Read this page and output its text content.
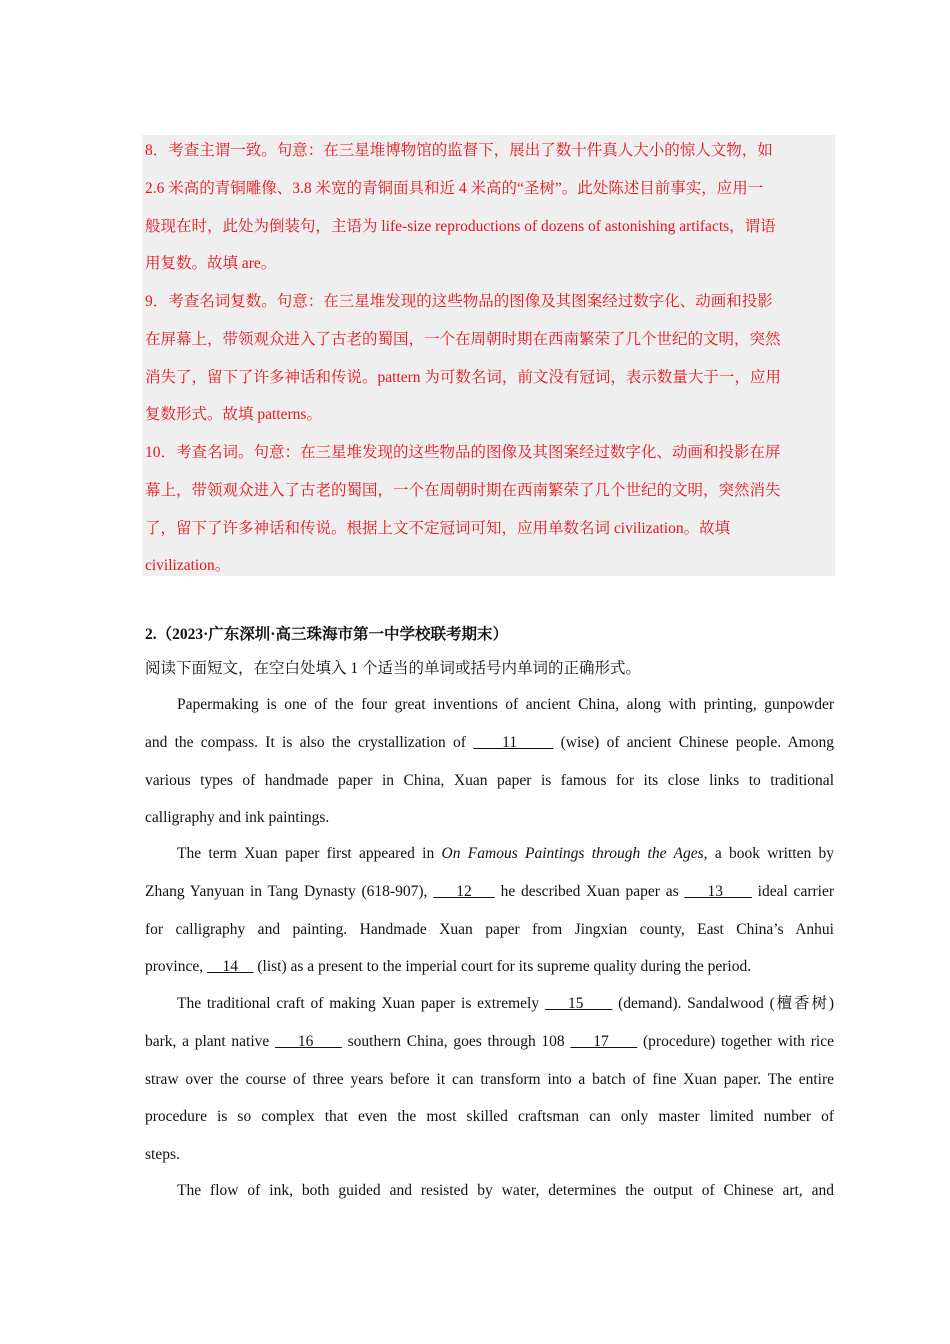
8．考查主谓一致。句意：在三星堆博物馆的监督下，展出了数十件真人大小的惊人文物，如
2.6 米高的青铜雕像、3.8 米宽的青铜面具和近 4 米高的“圣树”。此处陈述目前事实，应用一
般现在时，此处为倒装句，主语为 life-size reproductions of dozens of astonishing artifacts，谓语
用复数。故填 are。
9．考查名词复数。句意：在三星堆发现的这些物品的图像及其图案经过数字化、动画和投影
在屏幕上，带领观众进入了古老的蜀国，一个在周朝时期在西南繁荣了几个世纪的文明，突然
消失了，留下了许多神话和传说。pattern 为可数名词，前文没有冠词，表示数量大于一，应用
复数形式。故填 patterns。
10．考查名词。句意：在三星堆发现的这些物品的图像及其图案经过数字化、动画和投影在屏
幕上，带领观众进入了古老的蜀国，一个在周朝时期在西南繁荣了几个世纪的文明，突然消失
了，留下了许多神话和传说。根据上文不定冠词可知，应用单数名词 civilization。故填
civilization。

2.（2023·广东深圳·高三珠海市第一中学校联考期末）

阅读下面短文，在空白处填入 1 个适当的单词或括号内单词的正确形式。

Papermaking is one of the four great inventions of ancient China, along with printing, gunpowder
and the compass. It is also the crystallization of     11      (wise) of ancient Chinese people. Among
various types of handmade paper in China, Xuan paper is famous for its close links to traditional
calligraphy and ink paintings.
The term Xuan paper first appeared in On Famous Paintings through the Ages, a book written by
Zhang Yanyuan in Tang Dynasty (618-907),     12     he described Xuan paper as     13      ideal carrier
for calligraphy and painting. Handmade Xuan paper from Jingxian county, East China’s Anhui
province,     14     (list) as a present to the imperial court for its supreme quality during the period.
The traditional craft of making Xuan paper is extremely     15      (demand). Sandalwood (檀香树)
bark, a plant native     16      southern China, goes through 108     17      (procedure) together with rice
straw over the course of three years before it can transform into a batch of fine Xuan paper. The entire
procedure is so complex that even the most skilled craftsman can only master limited number of
steps.
The flow of ink, both guided and resisted by water, determines the output of Chinese art, and
